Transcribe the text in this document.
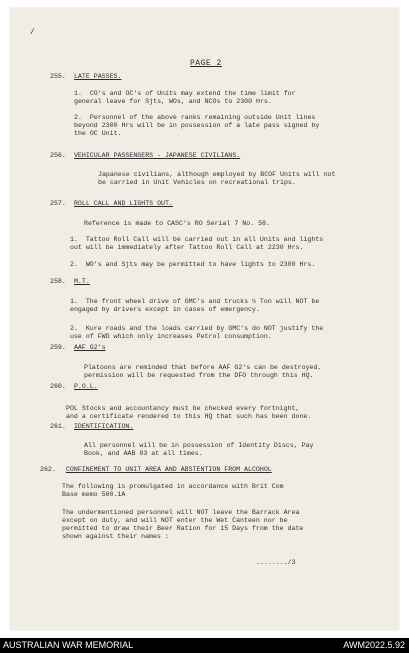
/
PAGE 2
255. LATE PASSES.
1.  CO's and OC's of Units may extend the time limit for
general leave for Sjts, WOs, and NCOs to 2300 Hrs.
2.  Personnel of the above ranks remaining outside Unit lines
beyond 2300 Hrs will be in possession of a late pass signed by
the OC Unit.
256. VEHICULAR PASSENGERS - JAPANESE CIVILIANS.
Japanese civilians, although employed by BCOF Units will not
be carried in Unit Vehicles on recreational trips.
257. ROLL CALL AND LIGHTS OUT.
Reference is made to CASC's RO Serial 7 No. 58.
1.  Tattoo Roll Call will be carried out in all Units and lights
out will be immediately after Tattoo Roll Call at 2230 Hrs.
2.  WO's and Sjts may be permitted to have lights to 2300 Hrs.
258. M.T.
1.  The front wheel drive of GMC's and trucks ½ Ton will NOT be
engaged by drivers except in cases of emergency.
2.  Kure roads and the loads carried by GMC's do NOT justify the
use of FWD which only increases Petrol consumption.
259. AAF G2's
Platoons are reminded that before AAF G2's can be destroyed,
permission will be requested from the DFO through this HQ.
260. P.O.L.
POL Stocks and accountancy must be checked every fortnight,
and a certificate rendered to this HQ that such has been done.
261. IDENTIFICATION.
All personnel will be in possession of Identity Discs, Pay
Book, and AAB 83 at all times.
262. CONFINEMENT TO UNIT AREA AND ABSTENTION FROM ALCOHOL
The following is promulgated in accordance with Brit Com
Base memo 500.1A
The undermentioned personnel will NOT leave the Barrack Area
except on duty, and will NOT enter the Wet Canteen nor be
permitted to draw their Beer Ration for 15 Days from the date
shown against their names :
......../3
AUSTRALIAN WAR MEMORIAL	AWM2022.5.92
